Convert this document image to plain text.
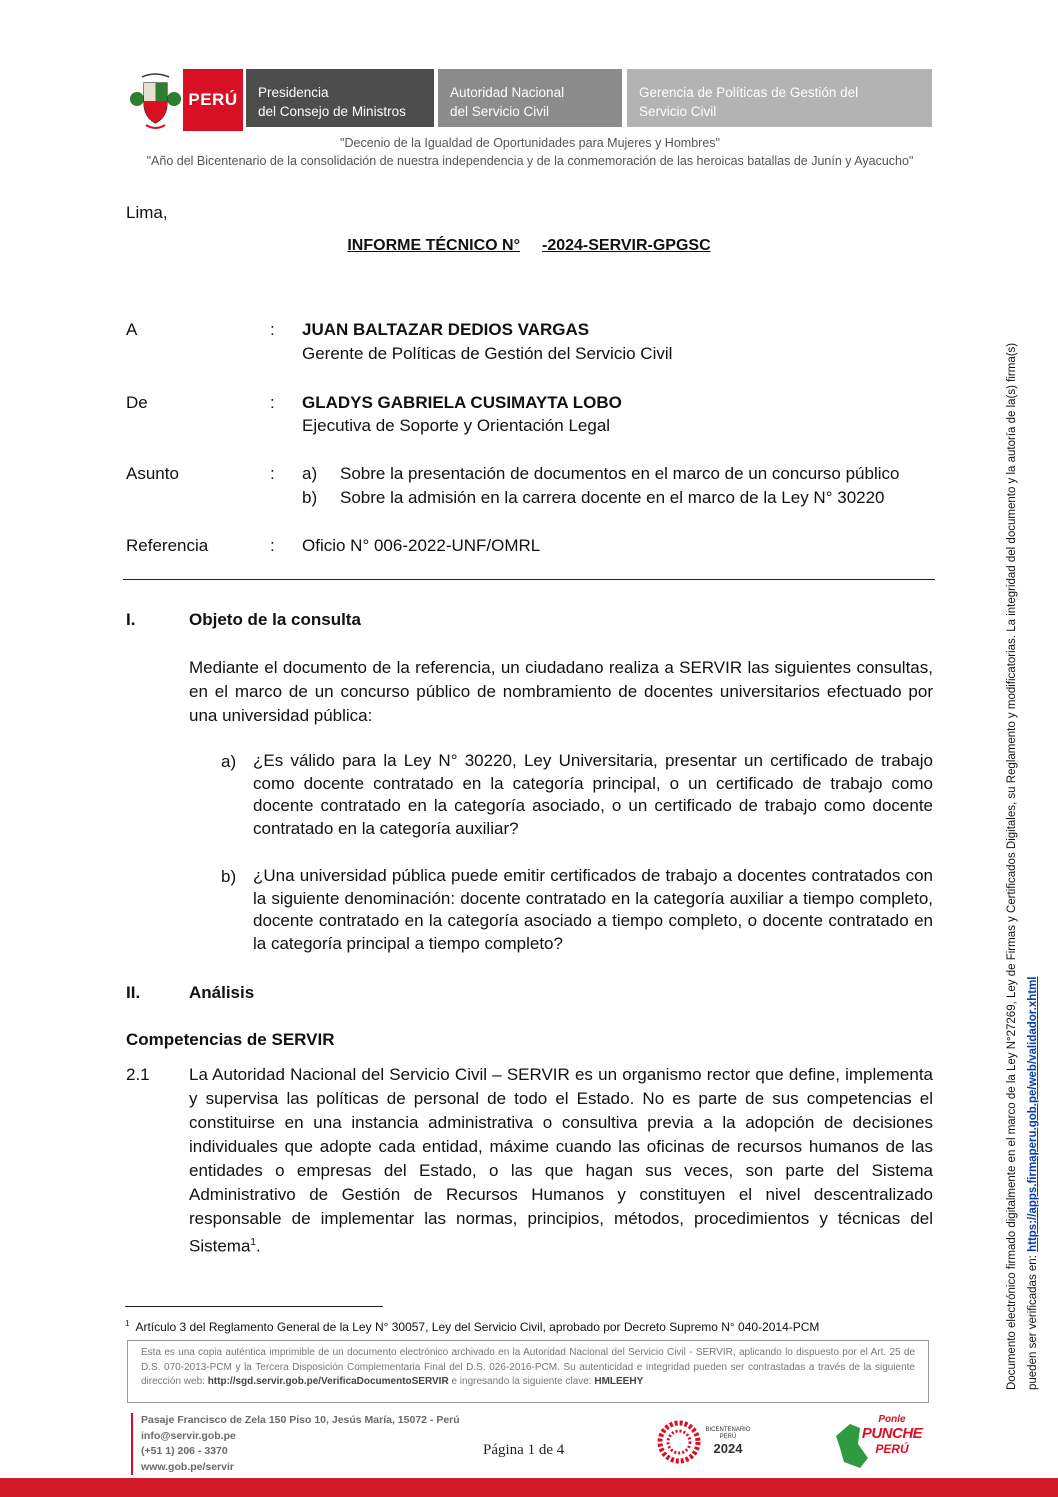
PERÚ	Presidencia
del Consejo de Ministros
Autoridad Nacional
del Servicio Civil
Gerencia de Políticas de Gestión del
Servicio Civil
"Decenio de la Igualdad de Oportunidades para Mujeres y Hombres"
"Año del Bicentenario de la consolidación de nuestra independencia y de la conmemoración de las heroicas batallas de Junín y Ayacucho"
Lima,
INFORME TÉCNICO N° -2024-SERVIR-GPGSC
A	: JUAN BALTAZAR DEDIOS VARGAS
Gerente de Políticas de Gestión del Servicio Civil
De	: GLADYS GABRIELA CUSIMAYTA LOBO
Ejecutiva de Soporte y Orientación Legal
Asunto	: a) Sobre la presentación de documentos en el marco de un concurso público
b) Sobre la admisión en la carrera docente en el marco de la Ley N° 30220
Referencia	: Oficio N° 006-2022-UNF/OMRL
I.	Objeto de la consulta
Mediante el documento de la referencia, un ciudadano realiza a SERVIR las siguientes consultas, en el marco de un concurso público de nombramiento de docentes universitarios efectuado por una universidad pública:
a) ¿Es válido para la Ley N° 30220, Ley Universitaria, presentar un certificado de trabajo como docente contratado en la categoría principal, o un certificado de trabajo como docente contratado en la categoría asociado, o un certificado de trabajo como docente contratado en la categoría auxiliar?
b) ¿Una universidad pública puede emitir certificados de trabajo a docentes contratados con la siguiente denominación: docente contratado en la categoría auxiliar a tiempo completo, docente contratado en la categoría asociado a tiempo completo, o docente contratado en la categoría principal a tiempo completo?
II.	Análisis
Competencias de SERVIR
2.1 La Autoridad Nacional del Servicio Civil – SERVIR es un organismo rector que define, implementa y supervisa las políticas de personal de todo el Estado. No es parte de sus competencias el constituirse en una instancia administrativa o consultiva previa a la adopción de decisiones individuales que adopte cada entidad, máxime cuando las oficinas de recursos humanos de las entidades o empresas del Estado, o las que hagan sus veces, son parte del Sistema Administrativo de Gestión de Recursos Humanos y constituyen el nivel descentralizado responsable de implementar las normas, principios, métodos, procedimientos y técnicas del Sistema$^1$.
$^1$ Artículo 3 del Reglamento General de la Ley N° 30057, Ley del Servicio Civil, aprobado por Decreto Supremo N° 040-2014-PCM
Esta es una copia auténtica imprimible de un documento electrónico archivado en la Autoridad Nacional del Servicio Civil - SERVIR, aplicando lo dispuesto por el Art. 25 de D.S. 070-2013-PCM y la Tercera Disposición Complementaria Final del D.S. 026-2016-PCM. Su autenticidad e integridad pueden ser contrastadas a través de la siguiente dirección web: http://sgd.servir.gob.pe/VerificaDocumentoSERVIR e ingresando la siguiente clave: HMLEEHY
Pasaje Francisco de Zela 150 Piso 10, Jesús María, 15072 - Perú
info@servir.gob.pe
(+51 1) 206 - 3370
www.gob.pe/servir
Página 1 de 4
BICENTENARIO
PERÚ
2024
Ponle
PUNCHE
PERÚ
Documento electrónico firmado digitalmente en el marco de la Ley N°27269, Ley de Firmas y Certificados Digitales, su Reglamento y modificatorias. La integridad del documento y la autoría de la(s) firma(s) pueden ser verificadas en: https://apps.firmaperu.gob.pe/web/validador.xhtml
